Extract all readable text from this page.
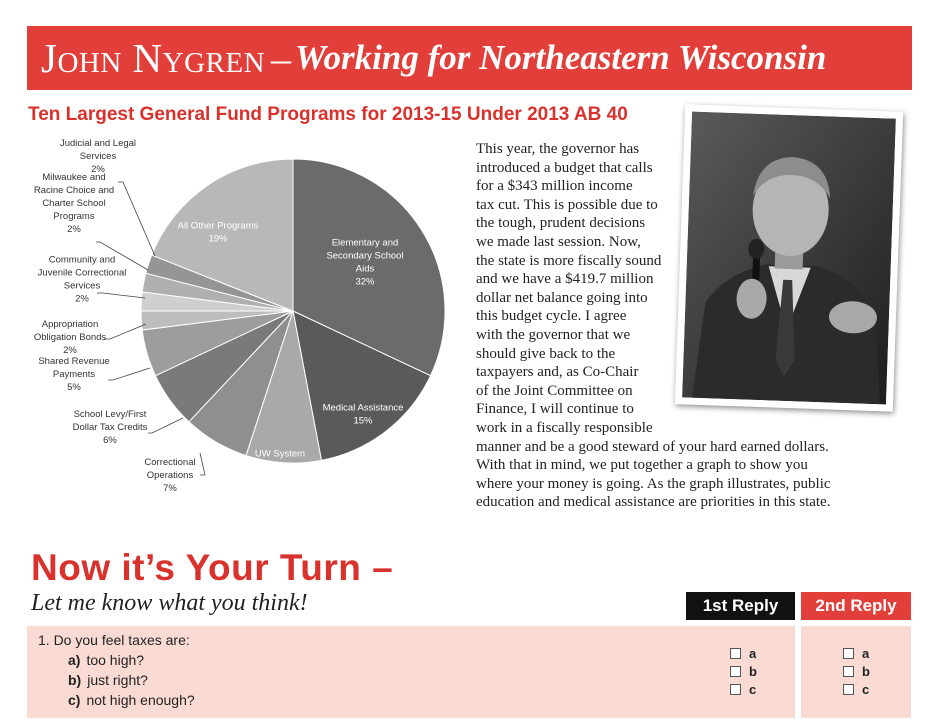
John Nygren – Working for Northeastern Wisconsin
Ten Largest General Fund Programs for 2013-15 Under 2013 AB 40
Elementary and Secondary School Aids 32%
Medical Assistance 15%
UW System 8%
Correctional Operations 7%
School Levy/First Dollar Tax Credits 6%
Shared Revenue Payments 5%
Appropriation Obligation Bonds 2%
Community and Juvenile Correctional Services 2%
Milwaukee and Racine Choice and Charter School Programs 2%
Judicial and Legal Services 2%
All Other Programs 19%
This year, the governor has
introduced a budget that calls
for a $343 million income
tax cut. This is possible due to
the tough, prudent decisions
we made last session. Now,
the state is more fiscally sound
and we have a $419.7 million
dollar net balance going into
this budget cycle. I agree
with the governor that we
should give back to the
taxpayers and, as Co-Chair
of the Joint Committee on
Finance, I will continue to
work in a fiscally responsible
manner and be a good steward of your hard earned dollars.
With that in mind, we put together a graph to show you
where your money is going. As the graph illustrates, public
education and medical assistance are priorities in this state.
Now it’s Your Turn –
Let me know what you think!	1st Reply	2nd Reply
1. Do you feel taxes are:
a) too high?
b) just right?
c) not high enough?
a
b
c
a
b
c
